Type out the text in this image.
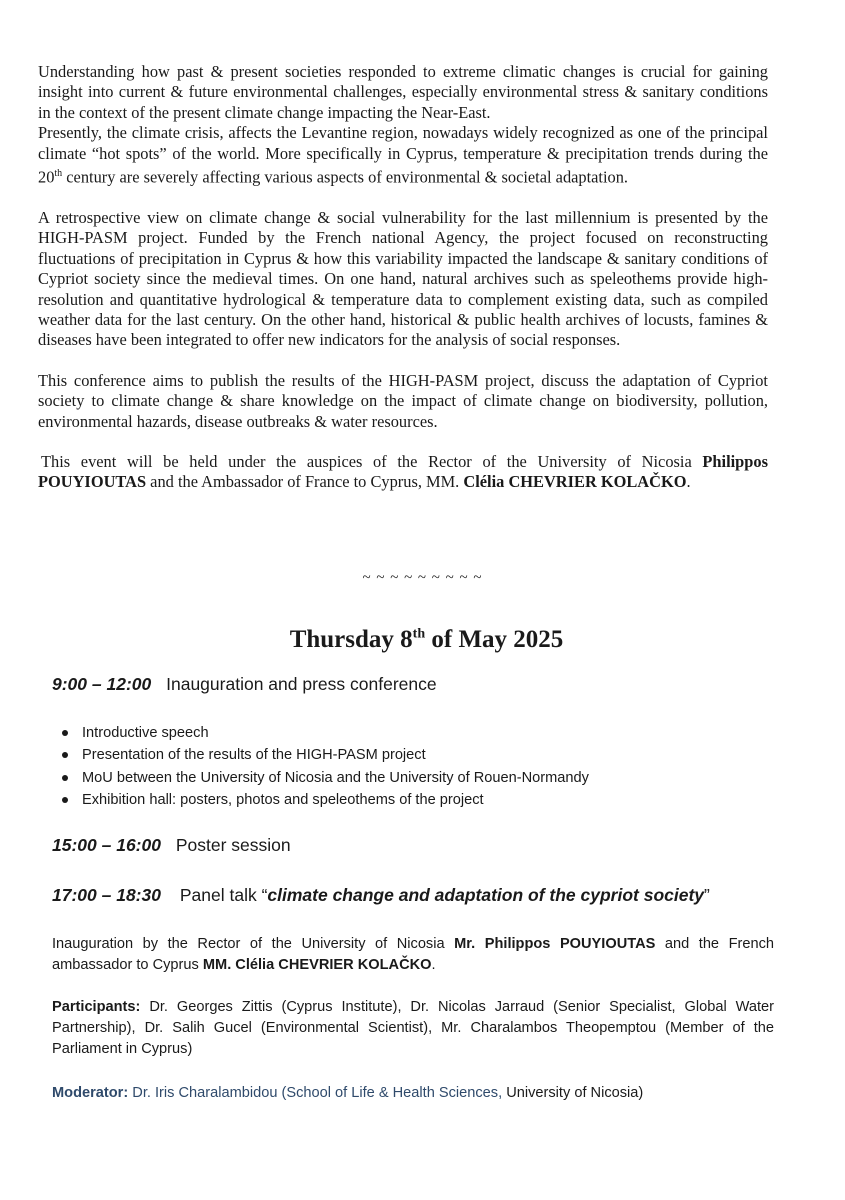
Understanding how past & present societies responded to extreme climatic changes is crucial for gaining insight into current & future environmental challenges, especially environmental stress & sanitary conditions in the context of the present climate change impacting the Near-East.

Presently, the climate crisis, affects the Levantine region, nowadays widely recognized as one of the principal climate “hot spots” of the world. More specifically in Cyprus, temperature & precipitation trends during the 20th century are severely affecting various aspects of environmental & societal adaptation.

A retrospective view on climate change & social vulnerability for the last millennium is presented by the HIGH-PASM project. Funded by the French national Agency, the project focused on reconstructing fluctuations of precipitation in Cyprus & how this variability impacted the landscape & sanitary conditions of Cypriot society since the medieval times. On one hand, natural archives such as speleothems provide high-resolution and quantitative hydrological & temperature data to complement existing data, such as compiled weather data for the last century. On the other hand, historical & public health archives of locusts, famines & diseases have been integrated to offer new indicators for the analysis of social responses.

This conference aims to publish the results of the HIGH-PASM project, discuss the adaptation of Cypriot society to climate change & share knowledge on the impact of climate change on biodiversity, pollution, environmental hazards, disease outbreaks & water resources.

This event will be held under the auspices of the Rector of the University of Nicosia Philippos POUYIOUTAS and the Ambassador of France to Cyprus, MM. Clélia CHEVRIER KOLAČKO.

~ ~ ~ ~ ~ ~ ~ ~ ~
Thursday 8th of May 2025
9:00 – 12:00 Inauguration and press conference
Introductive speech
Presentation of the results of the HIGH-PASM project
MoU between the University of Nicosia and the University of Rouen-Normandy
Exhibition hall: posters, photos and speleothems of the project
15:00 – 16:00 Poster session
17:00 – 18:30 Panel talk “climate change and adaptation of the cypriot society”

Inauguration by the Rector of the University of Nicosia Mr. Philippos POUYIOUTAS and the French ambassador to Cyprus MM. Clélia CHEVRIER KOLAČKO.

Participants: Dr. Georges Zittis (Cyprus Institute), Dr. Nicolas Jarraud (Senior Specialist, Global Water Partnership), Dr. Salih Gucel (Environmental Scientist), Mr. Charalambos Theopemptou (Member of the Parliament in Cyprus)

Moderator: Dr. Iris Charalambidou (School of Life & Health Sciences, University of Nicosia)
